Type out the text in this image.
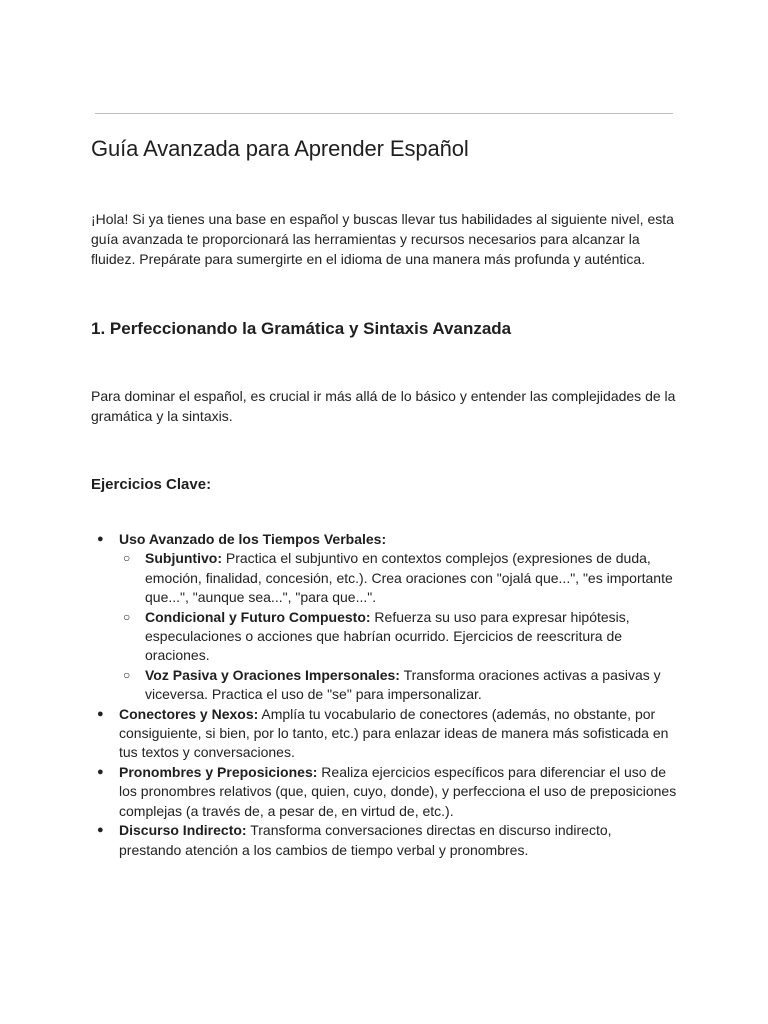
Guía Avanzada para Aprender Español

¡Hola! Si ya tienes una base en español y buscas llevar tus habilidades al siguiente nivel, esta guía avanzada te proporcionará las herramientas y recursos necesarios para alcanzar la fluidez. Prepárate para sumergirte en el idioma de una manera más profunda y auténtica.

1. Perfeccionando la Gramática y Sintaxis Avanzada

Para dominar el español, es crucial ir más allá de lo básico y entender las complejidades de la gramática y la sintaxis.

Ejercicios Clave:
● Uso Avanzado de los Tiempos Verbales:
○ Subjuntivo: Practica el subjuntivo en contextos complejos (expresiones de duda, emoción, finalidad, concesión, etc.). Crea oraciones con "ojalá que...", "es importante que...", "aunque sea...", "para que...".
○ Condicional y Futuro Compuesto: Refuerza su uso para expresar hipótesis, especulaciones o acciones que habrían ocurrido. Ejercicios de reescritura de oraciones.
○ Voz Pasiva y Oraciones Impersonales: Transforma oraciones activas a pasivas y viceversa. Practica el uso de "se" para impersonalizar.
● Conectores y Nexos: Amplía tu vocabulario de conectores (además, no obstante, por consiguiente, si bien, por lo tanto, etc.) para enlazar ideas de manera más sofisticada en tus textos y conversaciones.
● Pronombres y Preposiciones: Realiza ejercicios específicos para diferenciar el uso de los pronombres relativos (que, quien, cuyo, donde), y perfecciona el uso de preposiciones complejas (a través de, a pesar de, en virtud de, etc.).
● Discurso Indirecto: Transforma conversaciones directas en discurso indirecto, prestando atención a los cambios de tiempo verbal y pronombres.
